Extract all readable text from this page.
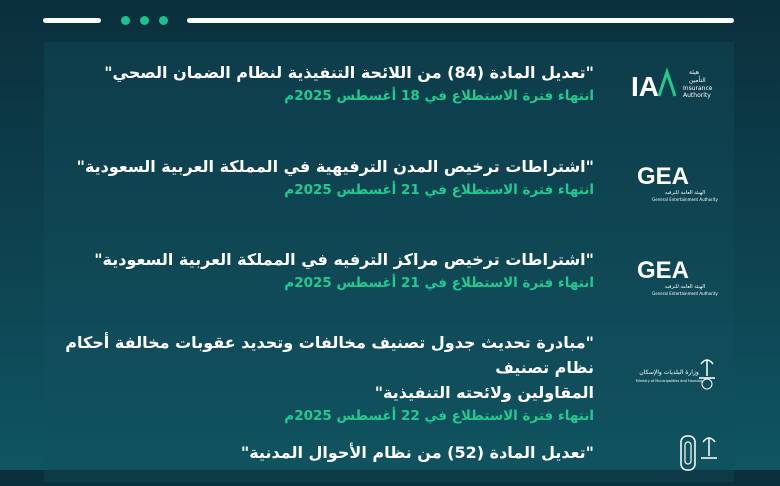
"تعديل المادة (84) من اللائحة التنفيذية لنظام الضمان الصحي"

انتهاء فترة الاستطلاع في 18 أغسطس 2025م IA	هيئة
التأمين
Insurance
Authority

"اشتراطات ترخيص المدن الترفيهية في المملكة العربية السعودية"

انتهاء فترة الاستطلاع في 21 أغسطس 2025م GEA
الهيئة العامة للترفيه
General Entertainment Authority

"اشتراطات ترخيص مراكز الترفيه في المملكة العربية السعودية"

انتهاء فترة الاستطلاع في 21 أغسطس 2025م GEA
الهيئة العامة للترفيه
General Entertainment Authority

"مبادرة تحديث جدول تصنيف مخالفات وتحديد عقوبات مخالفة أحكام نظام تصنيف

المقاولين ولائحته التنفيذية"

انتهاء فترة الاستطلاع في 22 أغسطس 2025م

وزارة البلديات والإسكان
Ministry of Municipalities and Housing

"تعديل المادة (52) من نظام الأحوال المدنية"
